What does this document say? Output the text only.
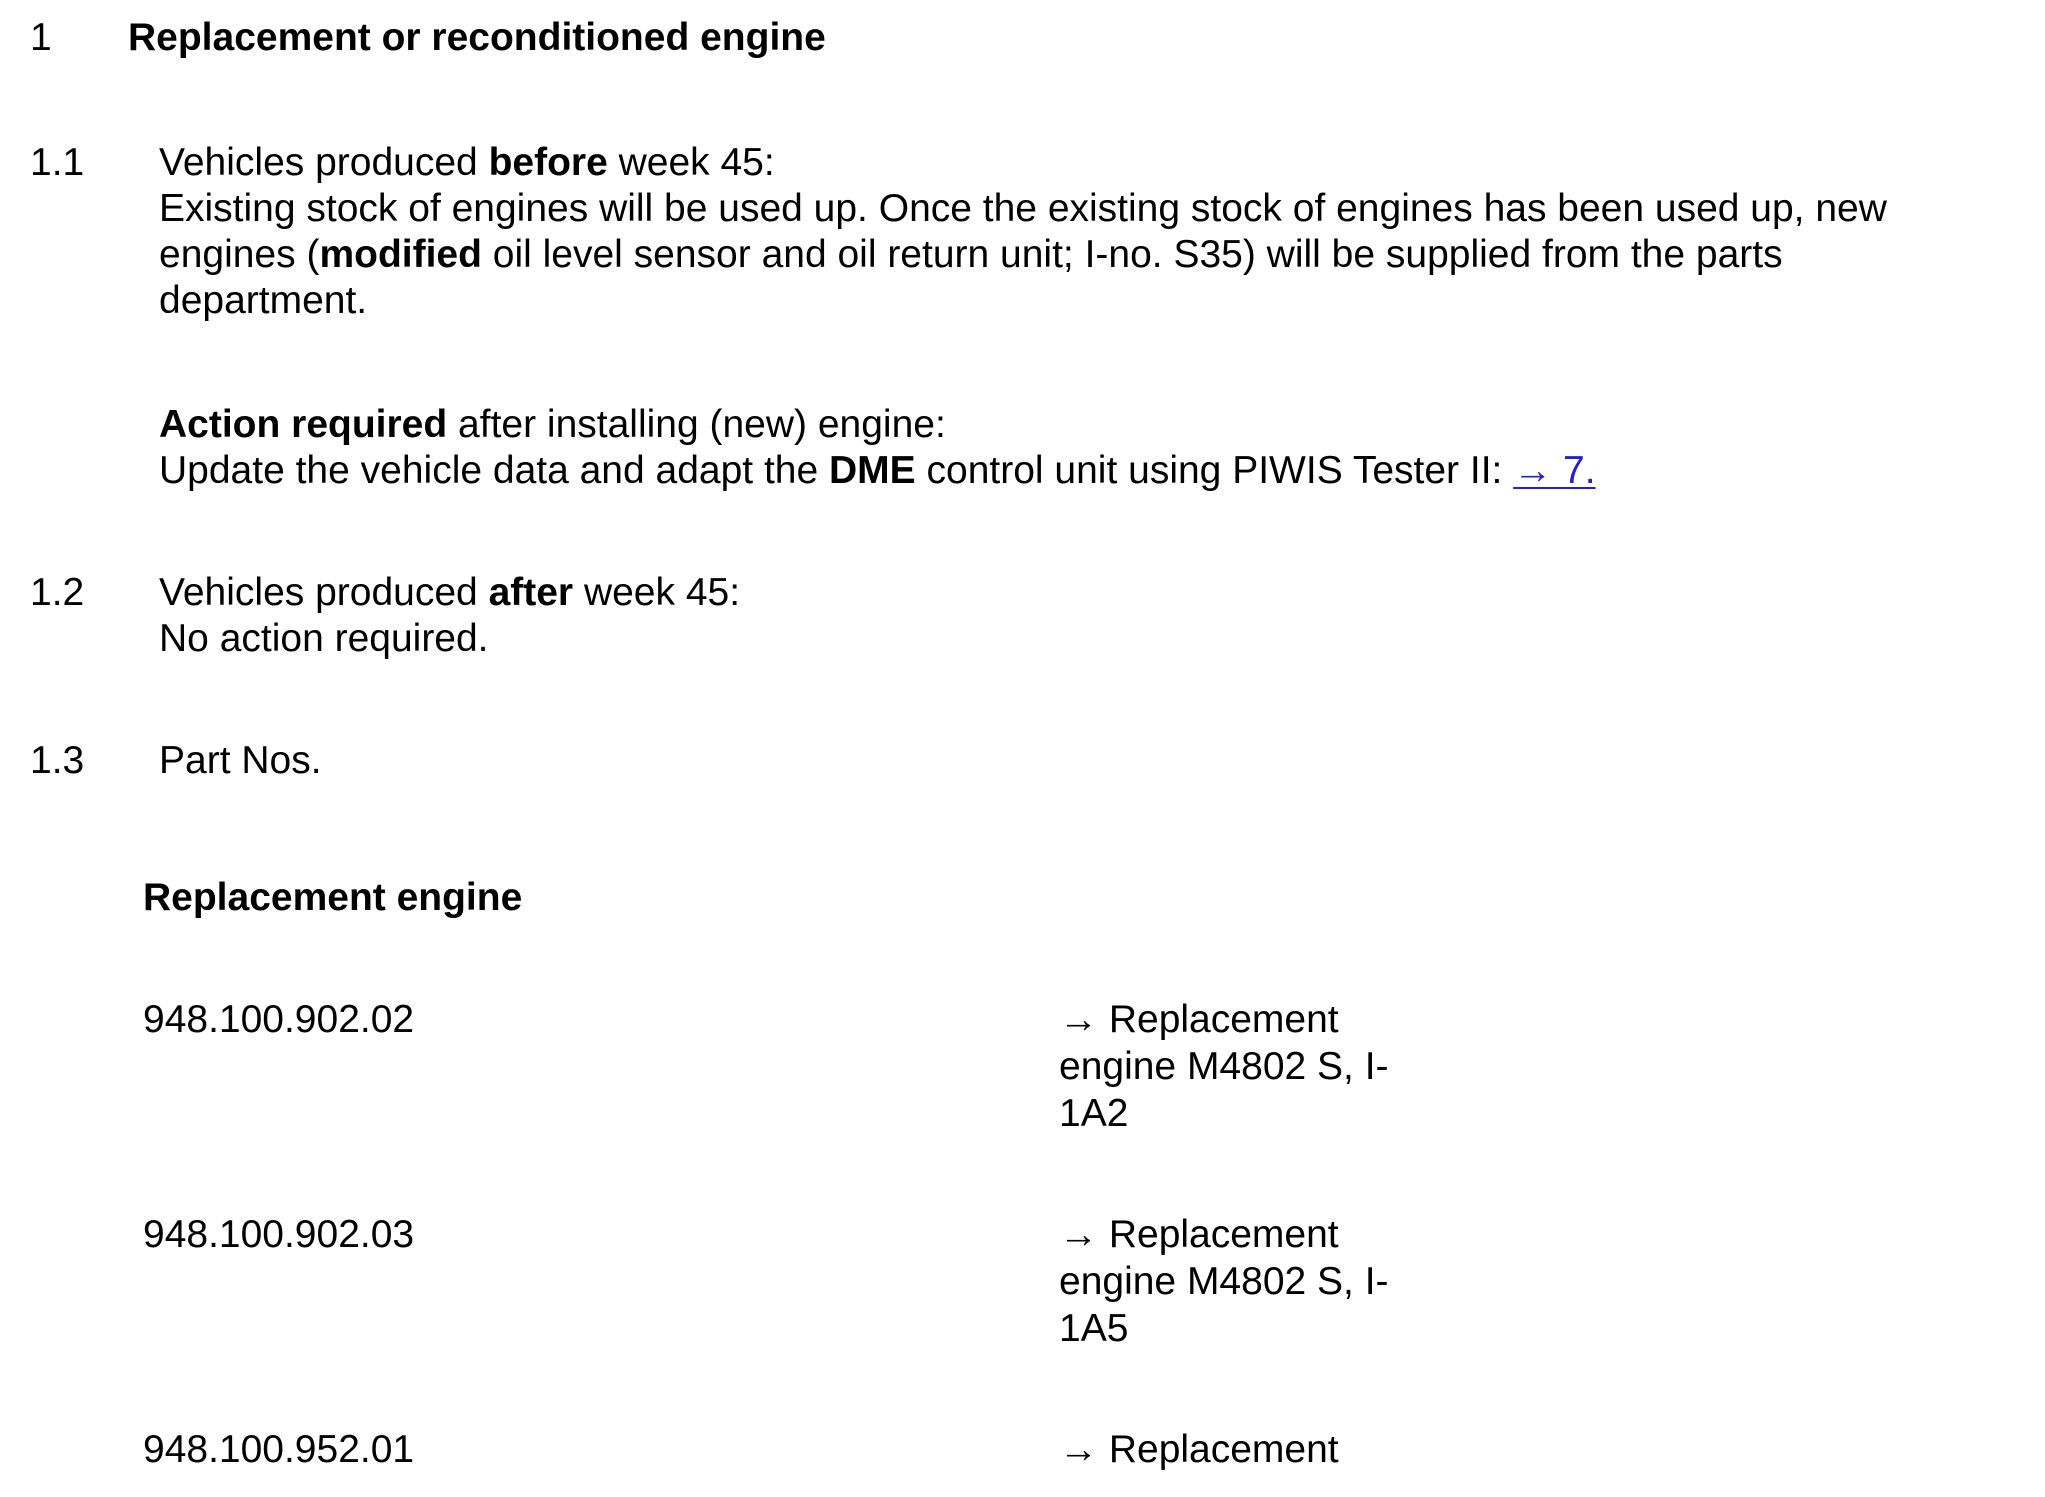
1 Replacement or reconditioned engine
1.1 Vehicles produced before week 45:
Existing stock of engines will be used up. Once the existing stock of engines has been used up, new
engines (modified oil level sensor and oil return unit; I-no. S35) will be supplied from the parts
department.
Action required after installing (new) engine:
Update the vehicle data and adapt the DME control unit using PIWIS Tester II: → 7.
1.2 Vehicles produced after week 45:
No action required.
1.3 Part Nos.
Replacement engine
948.100.902.02	→ Replacement
engine M4802 S, I-
1A2
948.100.902.03	→ Replacement
engine M4802 S, I-
1A5
948.100.952.01	→ Replacement
